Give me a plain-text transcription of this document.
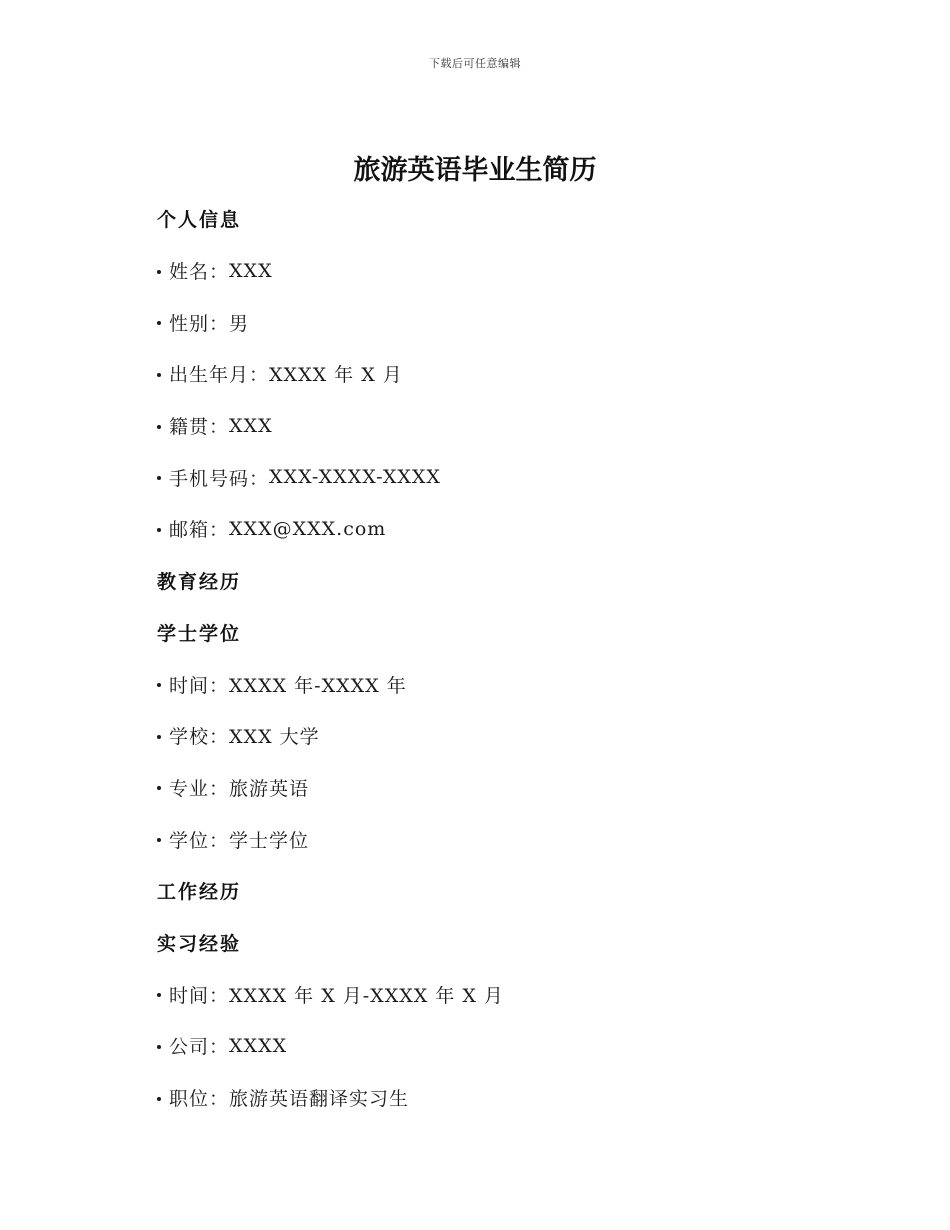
下载后可任意编辑
旅游英语毕业生简历
个人信息
姓名： XXX
性别： 男
出生年月： XXXX 年 X 月
籍贯： XXX
手机号码： XXX-XXXX-XXXX
邮箱： XXX@XXX.com
教育经历
学士学位
时间： XXXX 年-XXXX 年
学校： XXX 大学
专业： 旅游英语
学位： 学士学位
工作经历
实习经验
时间： XXXX 年 X 月-XXXX 年 X 月
公司： XXXX
职位： 旅游英语翻译实习生
